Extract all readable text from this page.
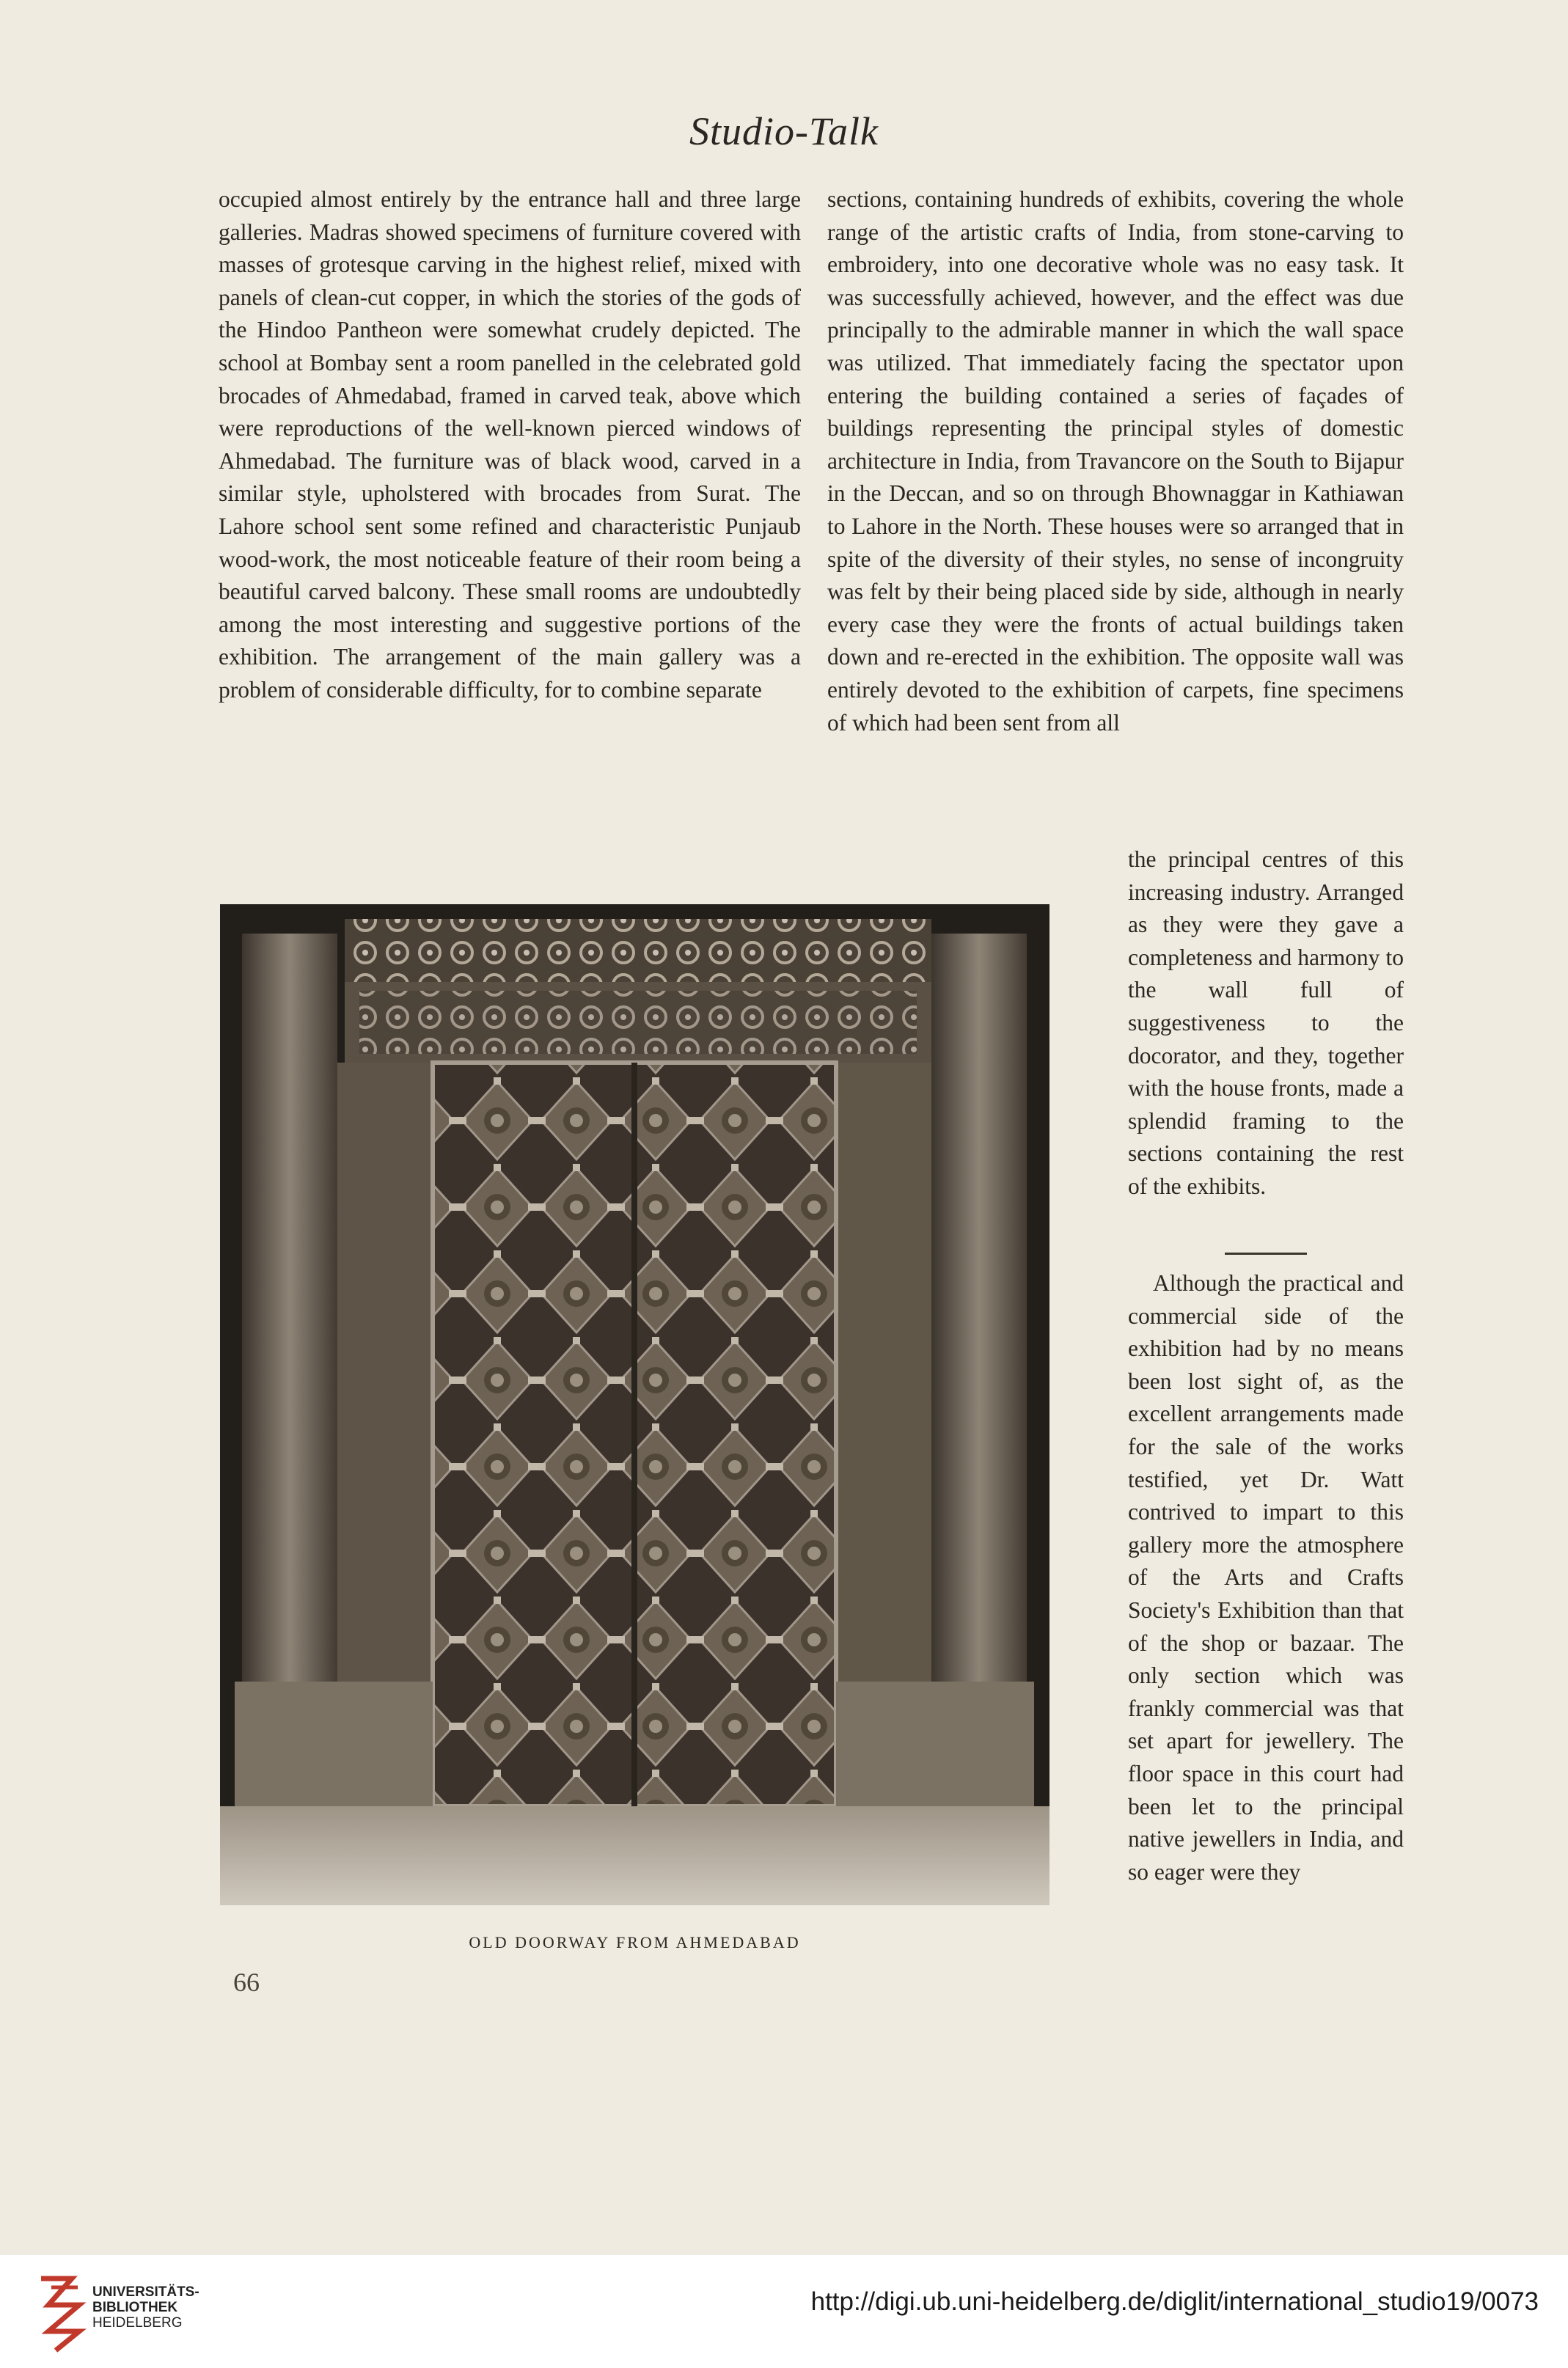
Studio-Talk

occupied almost entirely by the entrance hall and three large galleries. Madras showed specimens of furniture covered with masses of grotesque carving in the highest relief, mixed with panels of clean-cut copper, in which the stories of the gods of the Hindoo Pantheon were somewhat crudely depicted. The school at Bombay sent a room panelled in the celebrated gold brocades of Ahmedabad, framed in carved teak, above which were reproductions of the well-known pierced windows of Ahmedabad. The furniture was of black wood, carved in a similar style, upholstered with brocades from Surat. The Lahore school sent some refined and characteristic Punjaub wood-work, the most noticeable feature of their room being a beautiful carved balcony. These small rooms are undoubtedly among the most interesting and suggestive portions of the exhibition. The arrangement of the main gallery was a problem of considerable difficulty, for to combine separate

sections, containing hundreds of exhibits, covering the whole range of the artistic crafts of India, from stone-carving to embroidery, into one decorative whole was no easy task. It was successfully achieved, however, and the effect was due principally to the admirable manner in which the wall space was utilized. That immediately facing the spectator upon entering the building contained a series of façades of buildings representing the principal styles of domestic architecture in India, from Travancore on the South to Bijapur in the Deccan, and so on through Bhownaggar in Kathiawan to Lahore in the North. These houses were so arranged that in spite of the diversity of their styles, no sense of incongruity was felt by their being placed side by side, although in nearly every case they were the fronts of actual buildings taken down and re-erected in the exhibition. The opposite wall was entirely devoted to the exhibition of carpets, fine specimens of which had been sent from all

the principal centres of this increasing industry. Arranged as they were they gave a completeness and harmony to the wall full of suggestiveness to the docorator, and they, together with the house fronts, made a splendid framing to the sections containing the rest of the exhibits.

Although the practical and commercial side of the exhibition had by no means been lost sight of, as the excellent arrangements made for the sale of the works testified, yet Dr. Watt contrived to impart to this gallery more the atmosphere of the Arts and Crafts Society's Exhibition than that of the shop or bazaar. The only section which was frankly commercial was that set apart for jewellery. The floor space in this court had been let to the principal native jewellers in India, and so eager were they

OLD DOORWAY FROM AHMEDABAD
66
UNIVERSITÄTS-
BIBLIOTHEK
HEIDELBERG
http://digi.ub.uni-heidelberg.de/diglit/international_studio19/0073
